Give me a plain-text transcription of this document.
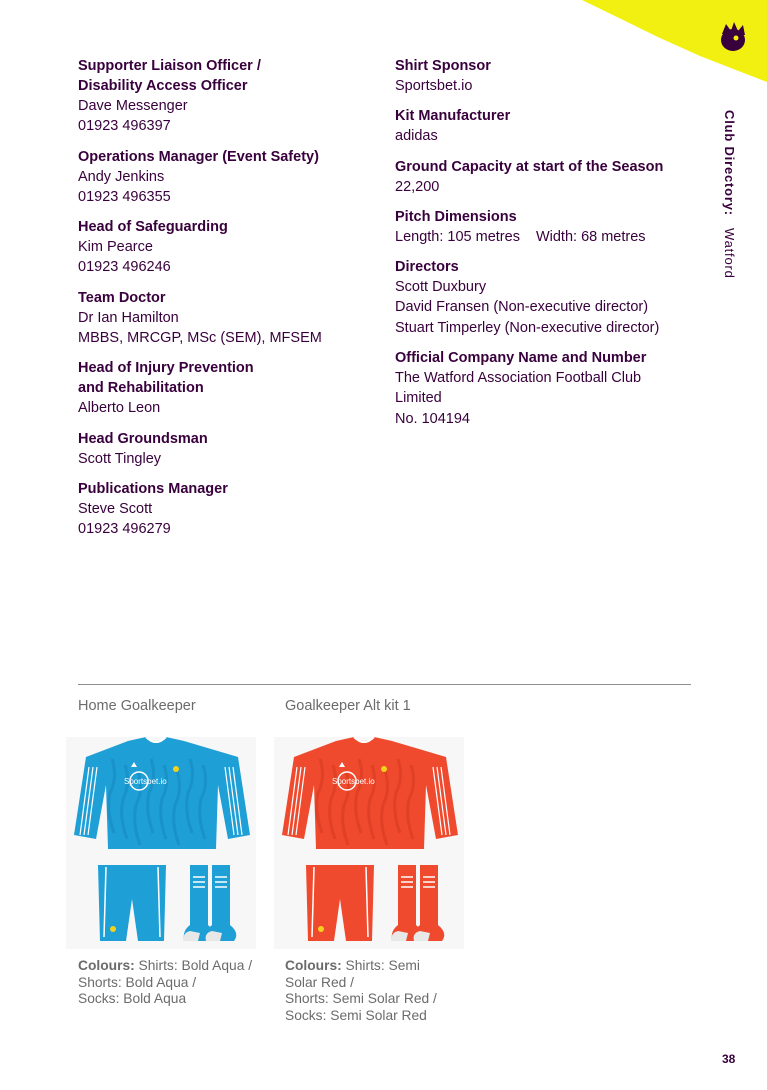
Club Directory: Watford
Supporter Liaison Officer /
Disability Access Officer

Dave Messenger

01923 496397

Operations Manager (Event Safety)

Andy Jenkins

01923 496355

Head of Safeguarding

Kim Pearce

01923 496246

Team Doctor

Dr Ian Hamilton

MBBS, MRCGP, MSc (SEM), MFSEM

Head of Injury Prevention
and Rehabilitation

Alberto Leon

Head Groundsman

Scott Tingley

Publications Manager

Steve Scott

01923 496279

Shirt Sponsor

Sportsbet.io

Kit Manufacturer

adidas

Ground Capacity at start of the Season

22,200

Pitch Dimensions

Length: 105 metres Width: 68 metres

Directors

Scott Duxbury

David Fransen (Non-executive director)

Stuart Timperley (Non-executive director)

Official Company Name and Number

The Watford Association Football Club

Limited

No. 104194

Home Goalkeeper	Goalkeeper Alt kit 1
Sportsbet.io	Sportsbet.io
Colours: Shirts: Bold Aqua /
Shorts: Bold Aqua /
Socks: Bold Aqua
Colours: Shirts: Semi
Solar Red /
Shorts: Semi Solar Red /
Socks: Semi Solar Red
38
